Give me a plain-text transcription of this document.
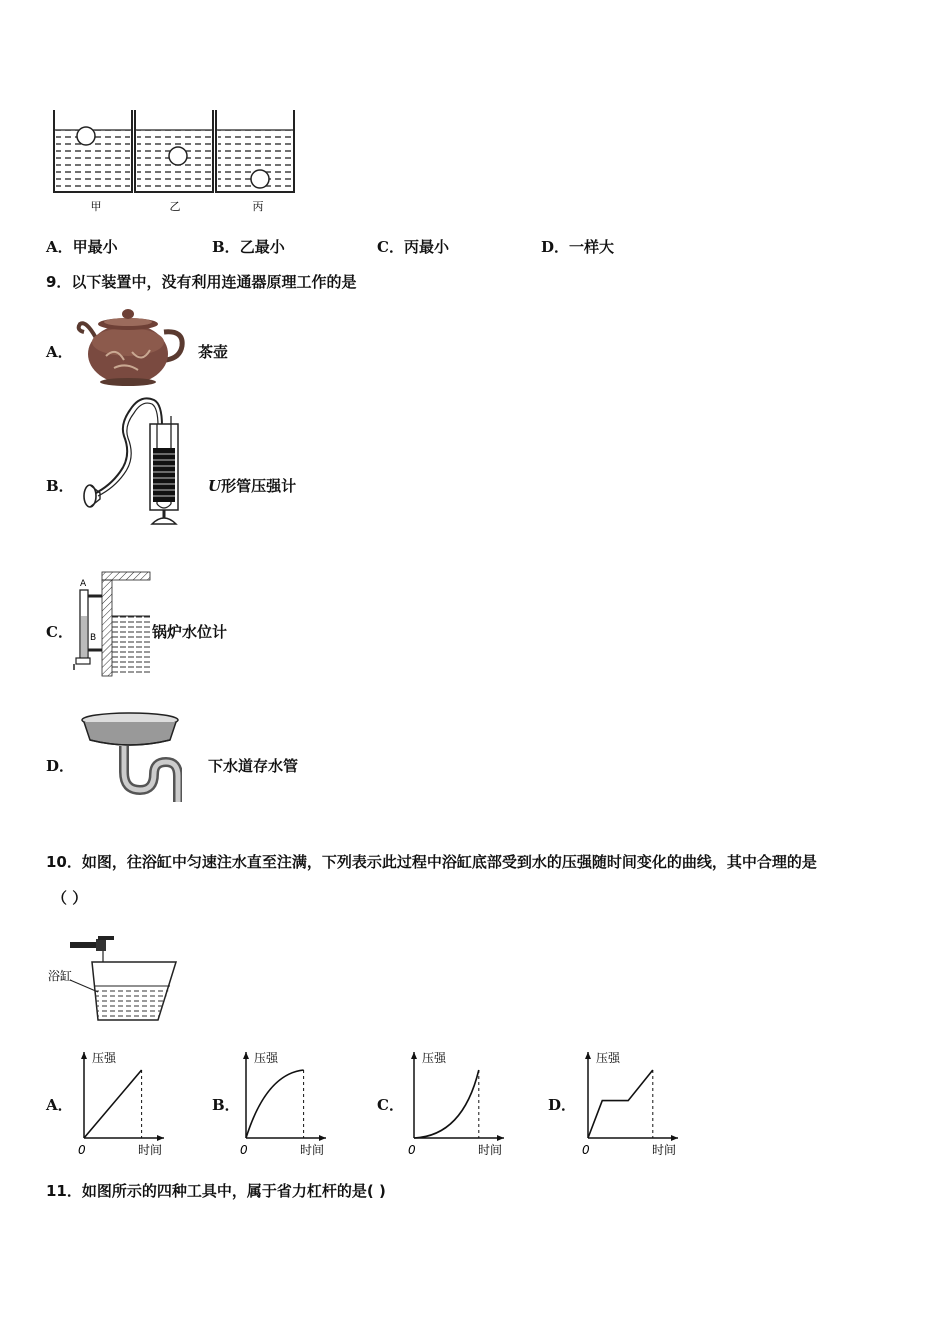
甲	乙	丙
A．甲最小	B．乙最小	C．丙最小	D．一样大
9．以下装置中，没有利用连通器原理工作的是
A．	茶壶
B．	U形管压强计
C．
A
B	锅炉水位计
D．	下水道存水管
10．如图，往浴缸中匀速注水直至注满，下列表示此过程中浴缸底部受到水的压强随时间变化的曲线，其中合理的是
（ ）
浴缸
A．	B．	C．	D．
压强
时间
0
压强
时间
0
压强
时间
0
压强
时间
0
11．如图所示的四种工具中，属于省力杠杆的是( )
